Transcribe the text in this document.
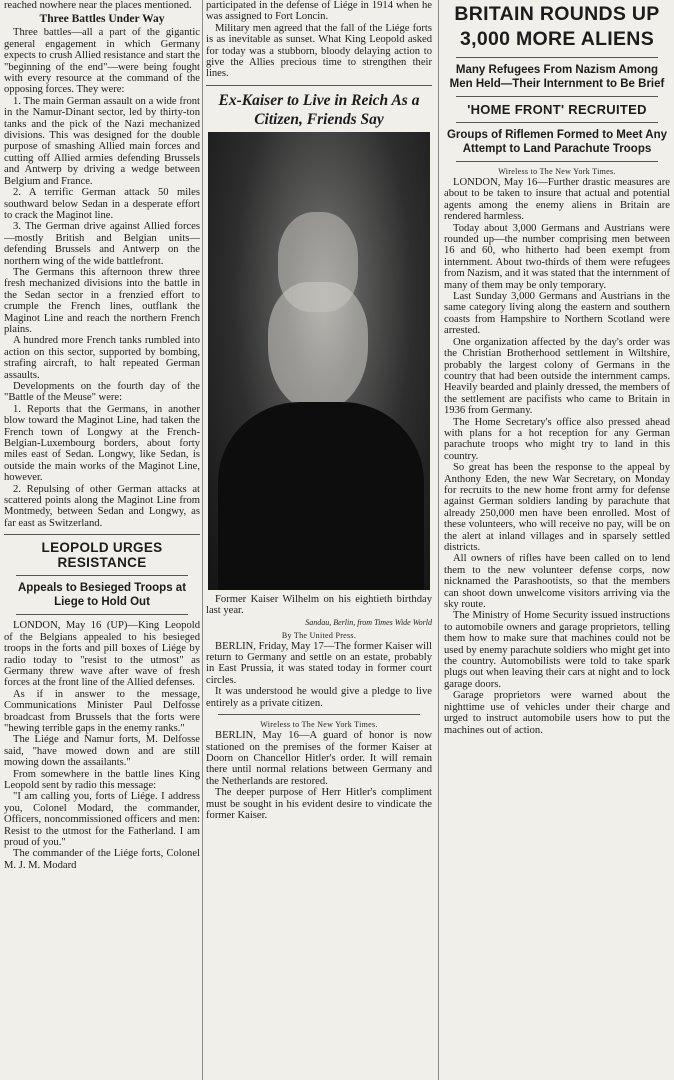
reached nowhere near the places mentioned.

Three Battles Under Way

Three battles—all a part of the gigantic general engagement in which Germany expects to crush Allied resistance and start the "beginning of the end"—were being fought with every resource at the command of the opposing forces. They were:

1. The main German assault on a wide front in the Namur-Dinant sector, led by thirty-ton tanks and the pick of the Nazi mechanized divisions. This was designed for the double purpose of smashing Allied main forces and cutting off Allied armies defending Brussels and Antwerp by driving a wedge between Belgium and France.

2. A terrific German attack 50 miles southward below Sedan in a desperate effort to crack the Maginot line.

3. The German drive against Allied forces—mostly British and Belgian units—defending Brussels and Antwerp on the northern wing of the wide battlefront.

The Germans this afternoon threw three fresh mechanized divisions into the battle in the Sedan sector in a frenzied effort to crumple the French lines, outflank the Maginot Line and reach the northern French plains.

A hundred more French tanks rumbled into action on this sector, supported by bombing, strafing aircraft, to halt repeated German assaults.

Developments on the fourth day of the "Battle of the Meuse" were:

1. Reports that the Germans, in another blow toward the Maginot Line, had taken the French town of Longwy at the French-Belgian-Luxembourg borders, about forty miles east of Sedan. Longwy, like Sedan, is outside the main works of the Maginot Line, however.

2. Repulsing of other German attacks at scattered points along the Maginot Line from Montmedy, between Sedan and Longwy, as far east as Switzerland.

LEOPOLD URGES RESISTANCE
Appeals to Besieged Troops at Liege to Hold Out

LONDON, May 16 (UP)—King Leopold of the Belgians appealed to his besieged troops in the forts and pill boxes of Liége by radio today to "resist to the utmost" as Germany threw wave after wave of fresh forces at the front line of the Allied defenses.

As if in answer to the message, Communications Minister Paul Delfosse broadcast from Brussels that the forts were "hewing terrible gaps in the enemy ranks."

The Liége and Namur forts, M. Delfosse said, "have mowed down and are still mowing down the assailants."

From somewhere in the battle lines King Leopold sent by radio this message:

"I am calling you, forts of Liége. I address you, Colonel Modard, the commander, Officers, noncommissioned officers and men: Resist to the utmost for the Fatherland. I am proud of you."

The commander of the Liége forts, Colonel M. J. M. Modard

participated in the defense of Liége in 1914 when he was assigned to Fort Loncin.

Military men agreed that the fall of the Liége forts is as inevitable as sunset. What King Leopold asked for today was a stubborn, bloody delaying action to give the Allies precious time to strengthen their lines.

Ex-Kaiser to Live in Reich As a Citizen, Friends Say

Former Kaiser Wilhelm on his eightieth birthday last year.

Sandau, Berlin, from Times Wide World
By The United Press.

BERLIN, Friday, May 17—The former Kaiser will return to Germany and settle on an estate, probably in East Prussia, it was stated today in former court circles.

It was understood he would give a pledge to live entirely as a private citizen.

Wireless to The New York Times.

BERLIN, May 16—A guard of honor is now stationed on the premises of the former Kaiser at Doorn on Chancellor Hitler's order. It will remain there until normal relations between Germany and the Netherlands are restored.

The deeper purpose of Herr Hitler's compliment must be sought in his evident desire to vindicate the former Kaiser.

BRITAIN ROUNDS UP 3,000 MORE ALIENS
Many Refugees From Nazism Among Men Held—Their Internment to Be Brief
'HOME FRONT' RECRUITED
Groups of Riflemen Formed to Meet Any Attempt to Land Parachute Troops
Wireless to The New York Times.

LONDON, May 16—Further drastic measures are about to be taken to insure that actual and potential agents among the enemy aliens in Britain are rendered harmless.

Today about 3,000 Germans and Austrians were rounded up—the number comprising men between 16 and 60, who hitherto had been exempt from internment. About two-thirds of them were refugees from Nazism, and it was stated that the internment of many of them may be only temporary.

Last Sunday 3,000 Germans and Austrians in the same category living along the eastern and southern coasts from Hampshire to Northern Scotland were arrested.

One organization affected by the day's order was the Christian Brotherhood settlement in Wiltshire, probably the largest colony of Germans in the country that had been outside the internment camps. Heavily bearded and plainly dressed, the members of the settlement are pacifists who came to Britain in 1936 from Germany.

The Home Secretary's office also pressed ahead with plans for a hot reception for any German parachute troops who might try to land in this country.

So great has been the response to the appeal by Anthony Eden, the new War Secretary, on Monday for recruits to the new home front army for defense against German soldiers landing by parachute that already 250,000 men have been enrolled. Most of these volunteers, who will receive no pay, will be on the alert at inland villages and in sparsely settled districts.

All owners of rifles have been called on to lend them to the new volunteer defense corps, now nicknamed the Parashootists, so that the members can shoot down unwelcome visitors arriving via the sky route.

The Ministry of Home Security issued instructions to automobile owners and garage proprietors, telling them how to make sure that machines could not be used by enemy parachute soldiers who might get into the country. Automobilists were told to take spark plugs out when leaving their cars at night and to lock garage doors.

Garage proprietors were warned about the nighttime use of vehicles under their charge and urged to instruct automobile users how to put the machines out of action.
